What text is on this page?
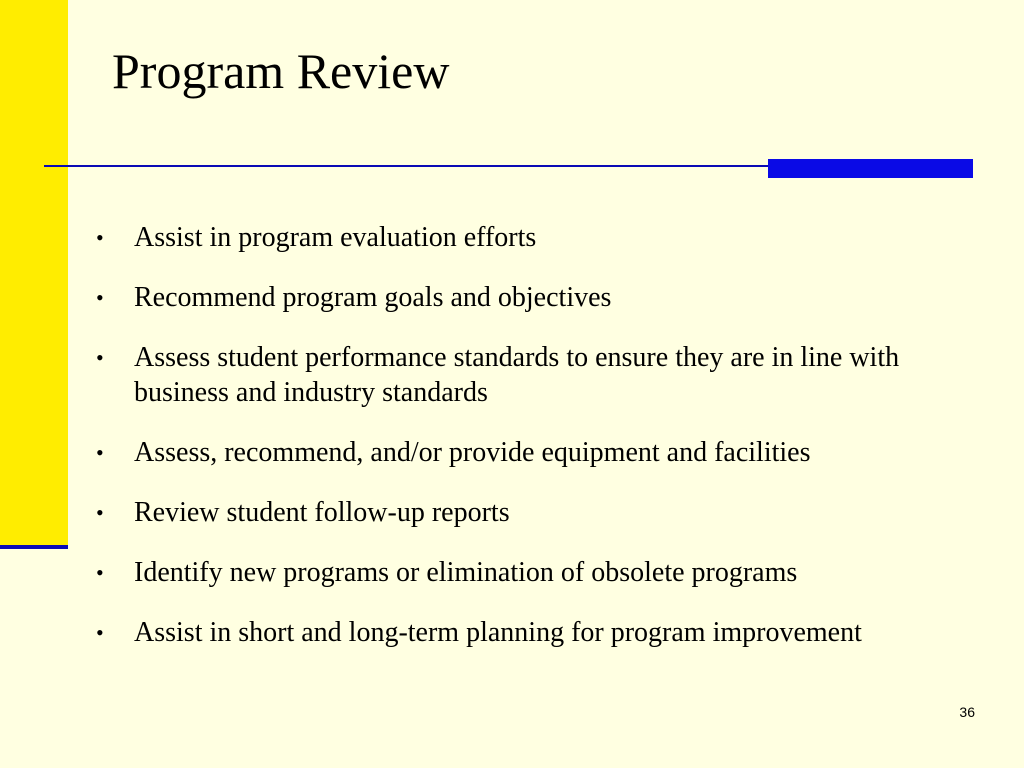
Program Review
•	Assist in program evaluation efforts
•	Recommend program goals and objectives
•	Assess student performance standards to ensure they are in line with business and industry standards
•	Assess, recommend, and/or provide equipment and facilities
•	Review student follow-up reports
•	Identify new programs or elimination of obsolete programs
•	Assist in short and long-term planning for program improvement
36
